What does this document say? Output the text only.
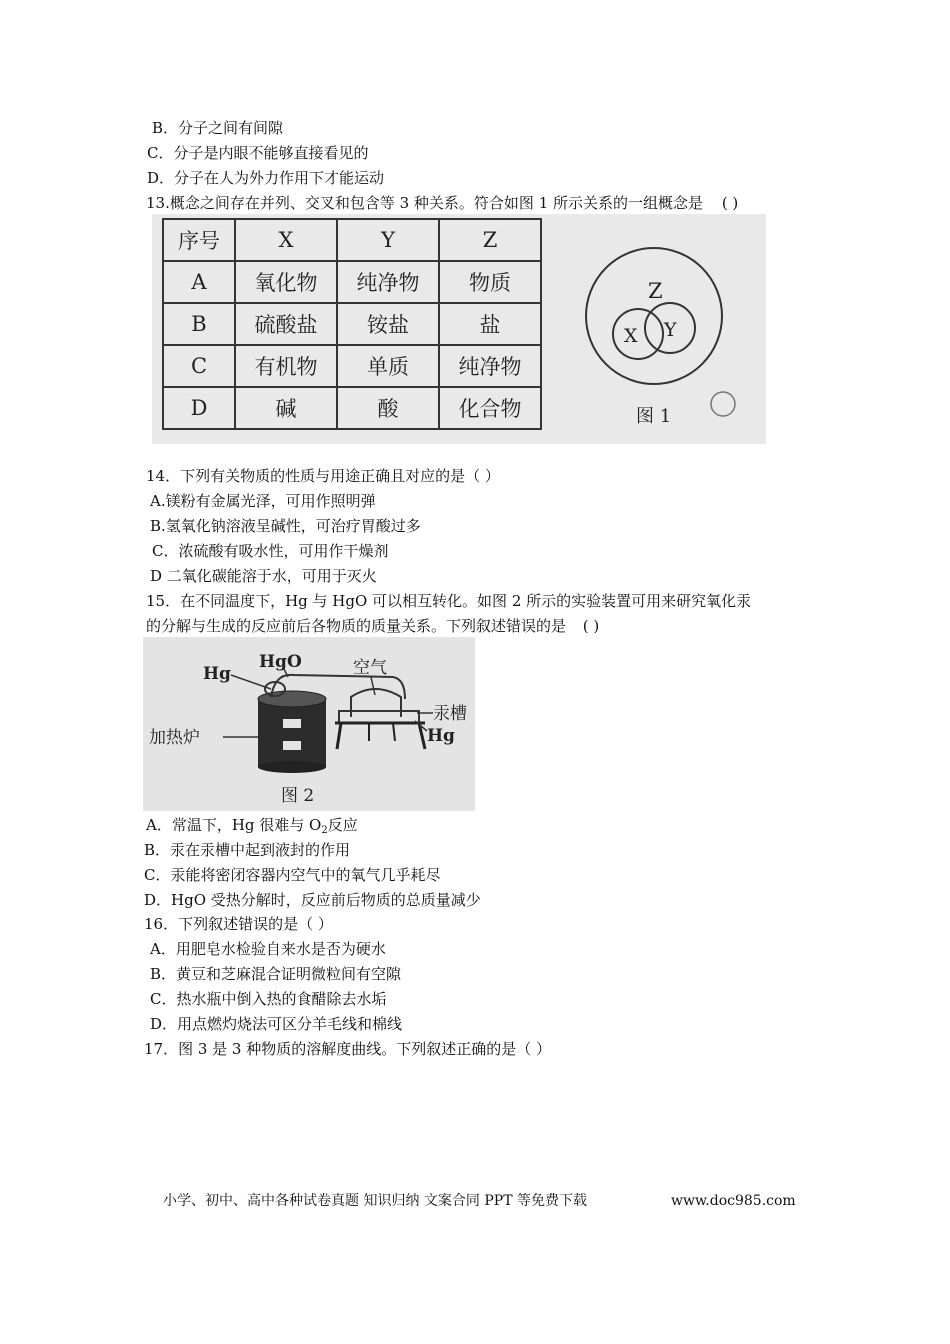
B．分子之间有间隙
C．分子是内眼不能够直接看见的
D．分子在人为外力作用下才能运动
13.概念之间存在并列、交叉和包含等 3 种关系。符合如图 1 所示关系的一组概念是 ( )
序号	X	Y	Z
A	氧化物	纯净物	物质
B	硫酸盐	铵盐	盐
C	有机物	单质	纯净物
D	碱	酸	化合物
Z
X Y
图 1
14．下列有关物质的性质与用途正确且对应的是（ ）
A.镁粉有金属光泽，可用作照明弹
B.氢氧化钠溶液呈碱性，可治疗胃酸过多
C．浓硫酸有吸水性，可用作干燥剂
D 二氧化碳能溶于水，可用于灭火
15．在不同温度下，Hg 与 HgO 可以相互转化。如图 2 所示的实验装置可用来研究氧化汞
的分解与生成的反应前后各物质的质量关系。下列叙述错误的是 ( )
Hg
HgO	空气
加热炉
汞槽
Hg
图 2
A．常温下，Hg 很难与 $O_2$反应
B．汞在汞槽中起到液封的作用
C．汞能将密闭容器内空气中的氧气几乎耗尽
D．HgO 受热分解时，反应前后物质的总质量减少
16．下列叙述错误的是（ ）
A．用肥皂水检验自来水是否为硬水
B．黄豆和芝麻混合证明微粒间有空隙
C．热水瓶中倒入热的食醋除去水垢
D．用点燃灼烧法可区分羊毛线和棉线
17．图 3 是 3 种物质的溶解度曲线。下列叙述正确的是（ ）
小学、初中、高中各种试卷真题 知识归纳 文案合同 PPT 等免费下载	www.doc985.com
